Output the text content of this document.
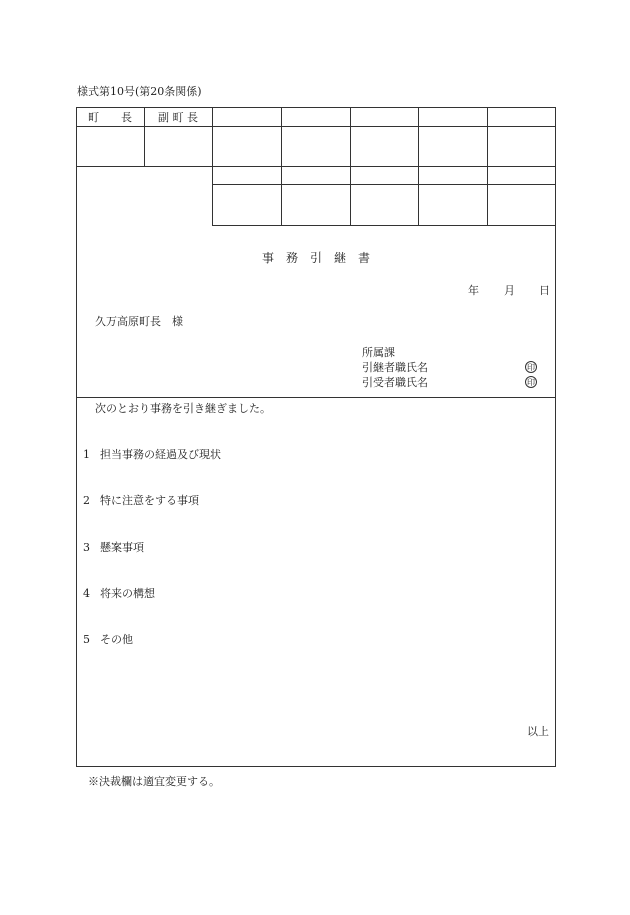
様式第10号(第20条関係)
町　　長	副 町 長
事　務　引　継　書
年 月 日
久万高原町長　様
所属課
引継者職氏名
引受者職氏名
印
印
次のとおり事務を引き継ぎました。
1 担当事務の経過及び現状
2 特に注意をする事項
3 懸案事項
4 将来の構想
5 その他
以上
※決裁欄は適宜変更する。
